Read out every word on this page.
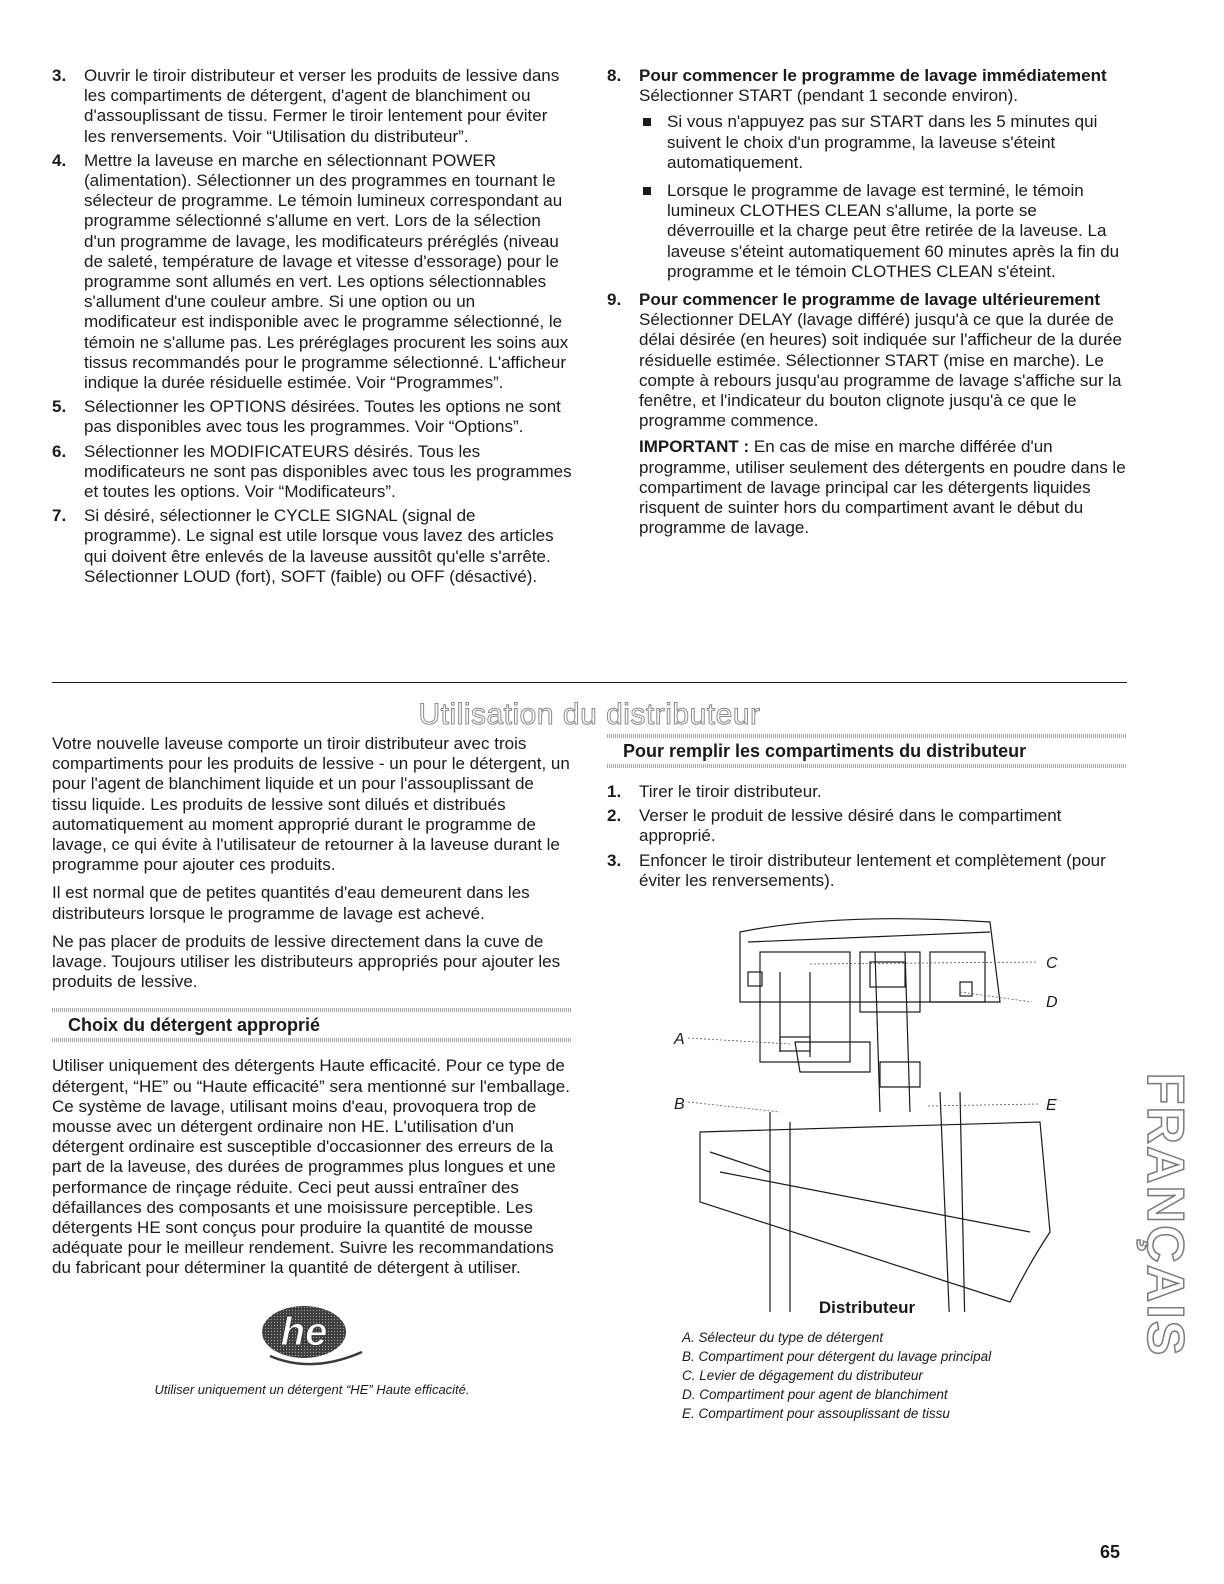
3. Ouvrir le tiroir distributeur et verser les produits de lessive dans les compartiments de détergent, d'agent de blanchiment ou d'assouplissant de tissu. Fermer le tiroir lentement pour éviter les renversements. Voir “Utilisation du distributeur”.
4. Mettre la laveuse en marche en sélectionnant POWER (alimentation). Sélectionner un des programmes en tournant le sélecteur de programme. Le témoin lumineux correspondant au programme sélectionné s'allume en vert. Lors de la sélection d'un programme de lavage, les modificateurs préréglés (niveau de saleté, température de lavage et vitesse d'essorage) pour le programme sont allumés en vert. Les options sélectionnables s'allument d'une couleur ambre. Si une option ou un modificateur est indisponible avec le programme sélectionné, le témoin ne s'allume pas. Les préréglages procurent les soins aux tissus recommandés pour le programme sélectionné. L'afficheur indique la durée résiduelle estimée. Voir “Programmes”.
5. Sélectionner les OPTIONS désirées. Toutes les options ne sont pas disponibles avec tous les programmes. Voir “Options”.
6. Sélectionner les MODIFICATEURS désirés. Tous les modificateurs ne sont pas disponibles avec tous les programmes et toutes les options. Voir “Modificateurs”.
7. Si désiré, sélectionner le CYCLE SIGNAL (signal de programme). Le signal est utile lorsque vous lavez des articles qui doivent être enlevés de la laveuse aussitôt qu'elle s'arrête. Sélectionner LOUD (fort), SOFT (faible) ou OFF (désactivé).
8. Pour commencer le programme de lavage immédiatement
Sélectionner START (pendant 1 seconde environ).
Si vous n'appuyez pas sur START dans les 5 minutes qui suivent le choix d'un programme, la laveuse s'éteint automatiquement.
Lorsque le programme de lavage est terminé, le témoin lumineux CLOTHES CLEAN s'allume, la porte se déverrouille et la charge peut être retirée de la laveuse. La laveuse s'éteint automatiquement 60 minutes après la fin du programme et le témoin CLOTHES CLEAN s'éteint.
9. Pour commencer le programme de lavage ultérieurement
Sélectionner DELAY (lavage différé) jusqu'à ce que la durée de délai désirée (en heures) soit indiquée sur l'afficheur de la durée résiduelle estimée. Sélectionner START (mise en marche). Le compte à rebours jusqu'au programme de lavage s'affiche sur la fenêtre, et l'indicateur du bouton clignote jusqu'à ce que le programme commence.
IMPORTANT : En cas de mise en marche différée d'un programme, utiliser seulement des détergents en poudre dans le compartiment de lavage principal car les détergents liquides risquent de suinter hors du compartiment avant le début du programme de lavage.
Utilisation du distributeur

Votre nouvelle laveuse comporte un tiroir distributeur avec trois compartiments pour les produits de lessive - un pour le détergent, un pour l'agent de blanchiment liquide et un pour l'assouplissant de tissu liquide. Les produits de lessive sont dilués et distribués automatiquement au moment approprié durant le programme de lavage, ce qui évite à l'utilisateur de retourner à la laveuse durant le programme pour ajouter ces produits.

Il est normal que de petites quantités d'eau demeurent dans les distributeurs lorsque le programme de lavage est achevé.

Ne pas placer de produits de lessive directement dans la cuve de lavage. Toujours utiliser les distributeurs appropriés pour ajouter les produits de lessive.

Choix du détergent approprié

Utiliser uniquement des détergents Haute efficacité. Pour ce type de détergent, “HE” ou “Haute efficacité” sera mentionné sur l'emballage. Ce système de lavage, utilisant moins d'eau, provoquera trop de mousse avec un détergent ordinaire non HE. L'utilisation d'un détergent ordinaire est susceptible d'occasionner des erreurs de la part de la laveuse, des durées de programmes plus longues et une performance de rinçage réduite. Ceci peut aussi entraîner des défaillances des composants et une moisissure perceptible. Les détergents HE sont conçus pour produire la quantité de mousse adéquate pour le meilleur rendement. Suivre les recommandations du fabricant pour déterminer la quantité de détergent à utiliser.

he
Utiliser uniquement un détergent “HE” Haute efficacité.
Pour remplir les compartiments du distributeur
1. Tirer le tiroir distributeur.
2. Verser le produit de lessive désiré dans le compartiment approprié.
3. Enfoncer le tiroir distributeur lentement et complètement (pour éviter les renversements).
A
B
C
D
E
Distributeur
A. Sélecteur du type de détergent
B. Compartiment pour détergent du lavage principal
C. Levier de dégagement du distributeur
D. Compartiment pour agent de blanchiment
E. Compartiment pour assouplissant de tissu
FRANÇAIS
65
